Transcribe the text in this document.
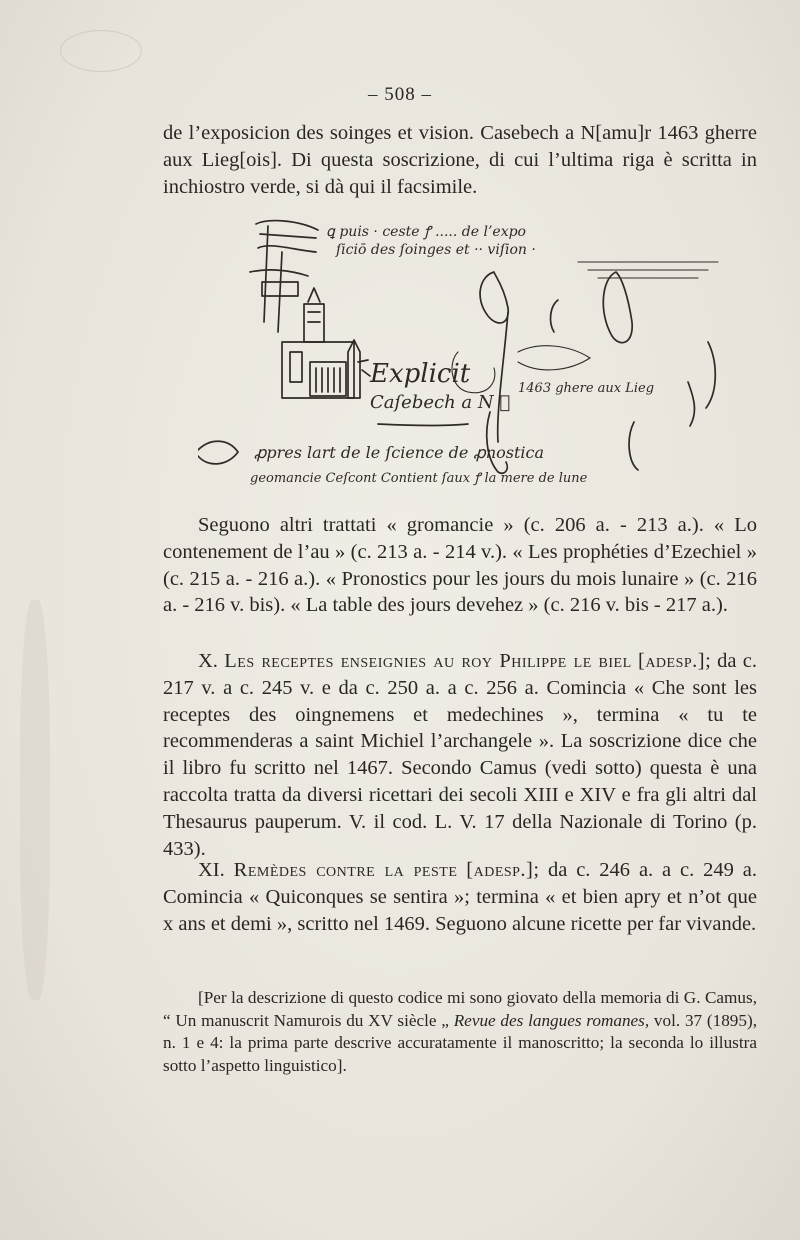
– 508 –

de l’exposicion des soinges et vision. Casebech a N[amu]r 1463 gherre aux Lieg[ois]. Di questa soscrizione, di cui l’ultima riga è scritta in inchiostro verde, si dà qui il facsimile.

ꝗ puis · ceste ꝭ ..... de l’expo
ſiciō des ſoinges et ·· viſion ·
Explicit
Caſebech a N ᷑
1463 ghere aux Lieg
ꝓpres lart de le ſcience de ꝓnostica
geomancie Ceſcont Contient ſaux ꝭ la mere de lune

Seguono altri trattati « gromancie » (c. 206 a. - 213 a.). « Lo contenement de l’au » (c. 213 a. - 214 v.). « Les prophéties d’Ezechiel » (c. 215 a. - 216 a.). « Pronostics pour les jours du mois lunaire » (c. 216 a. - 216 v. bis). « La table des jours devehez » (c. 216 v. bis - 217 a.).

X. Les receptes enseignies au roy Philippe le biel [adesp.]; da c. 217 v. a c. 245 v. e da c. 250 a. a c. 256 a. Comincia « Che sont les receptes des oingnemens et medechines », termina « tu te recommenderas a saint Michiel l’archangele ». La soscrizione dice che il libro fu scritto nel 1467. Secondo Camus (vedi sotto) questa è una raccolta tratta da diversi ricettari dei secoli XIII e XIV e fra gli altri dal Thesaurus pauperum. V. il cod. L. V. 17 della Nazionale di Torino (p. 433).

XI. Remèdes contre la peste [adesp.]; da c. 246 a. a c. 249 a. Comincia « Quiconques se sentira »; termina « et bien apry et n’ot que x ans et demi », scritto nel 1469. Seguono alcune ricette per far vivande.

[Per la descrizione di questo codice mi sono giovato della memoria di G. Camus, “ Un manuscrit Namurois du XV siècle „ Revue des langues romanes, vol. 37 (1895), n. 1 e 4: la prima parte descrive accuratamente il manoscritto; la seconda lo illustra sotto l’aspetto linguistico].
